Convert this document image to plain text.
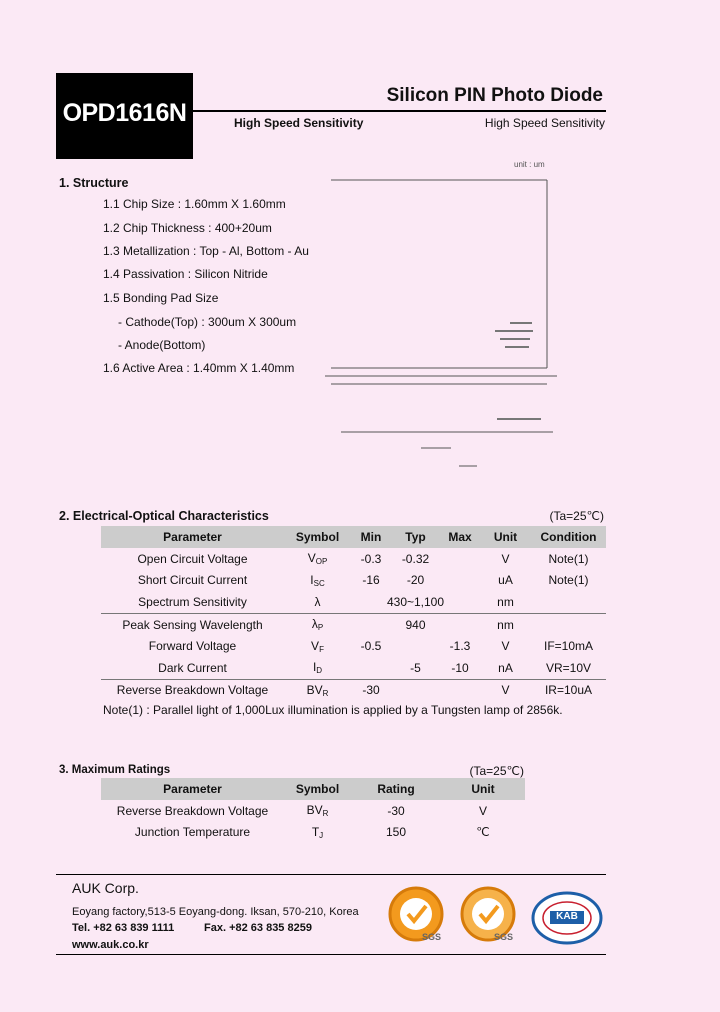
OPD1616N
Silicon PIN Photo Diode
High Speed Sensitivity	High Speed Sensitivity
1. Structure
1.1 Chip Size : 1.60mm X 1.60mm
1.2 Chip Thickness : 400+20um
1.3 Metallization : Top - Al, Bottom - Au
1.4 Passivation : Silicon Nitride
1.5 Bonding Pad Size
- Cathode(Top) : 300um X 300um
- Anode(Bottom)
1.6 Active Area : 1.40mm X 1.40mm
unit : um
2. Electrical-Optical Characteristics	(Ta=25℃)
Parameter	Symbol	Min	Typ	Max	Unit	Condition
Open Circuit Voltage	$V_{OP}$	-0.3	-0.32		V	Note(1)
Short Circuit Current	$I_{SC}$	-16	-20		uA	Note(1)
Spectrum Sensitivity	λ	430~1,100			nm	
Peak Sensing Wavelength	$\lambda_P$		940		nm	
Forward Voltage	$V_F$	-0.5		-1.3	V	IF=10mA
Dark Current	$I_D$		-5	-10	nA	VR=10V
Reverse Breakdown Voltage	$BV_R$	-30			V	IR=10uA
Note(1) : Parallel light of 1,000Lux illumination is applied by a Tungsten lamp of 2856k.
3. Maximum Ratings	(Ta=25℃)
Parameter	Symbol	Rating	Unit
Reverse Breakdown Voltage	$BV_R$	-30	V
Junction Temperature	$T_J$	150	℃
AUK Corp.
Eoyang factory,513-5 Eoyang-dong. Iksan, 570-210, Korea
Tel. +82 63 839 1111	Fax. +82 63 835 8259
www.auk.co.kr
SGS	SGS
KAB
